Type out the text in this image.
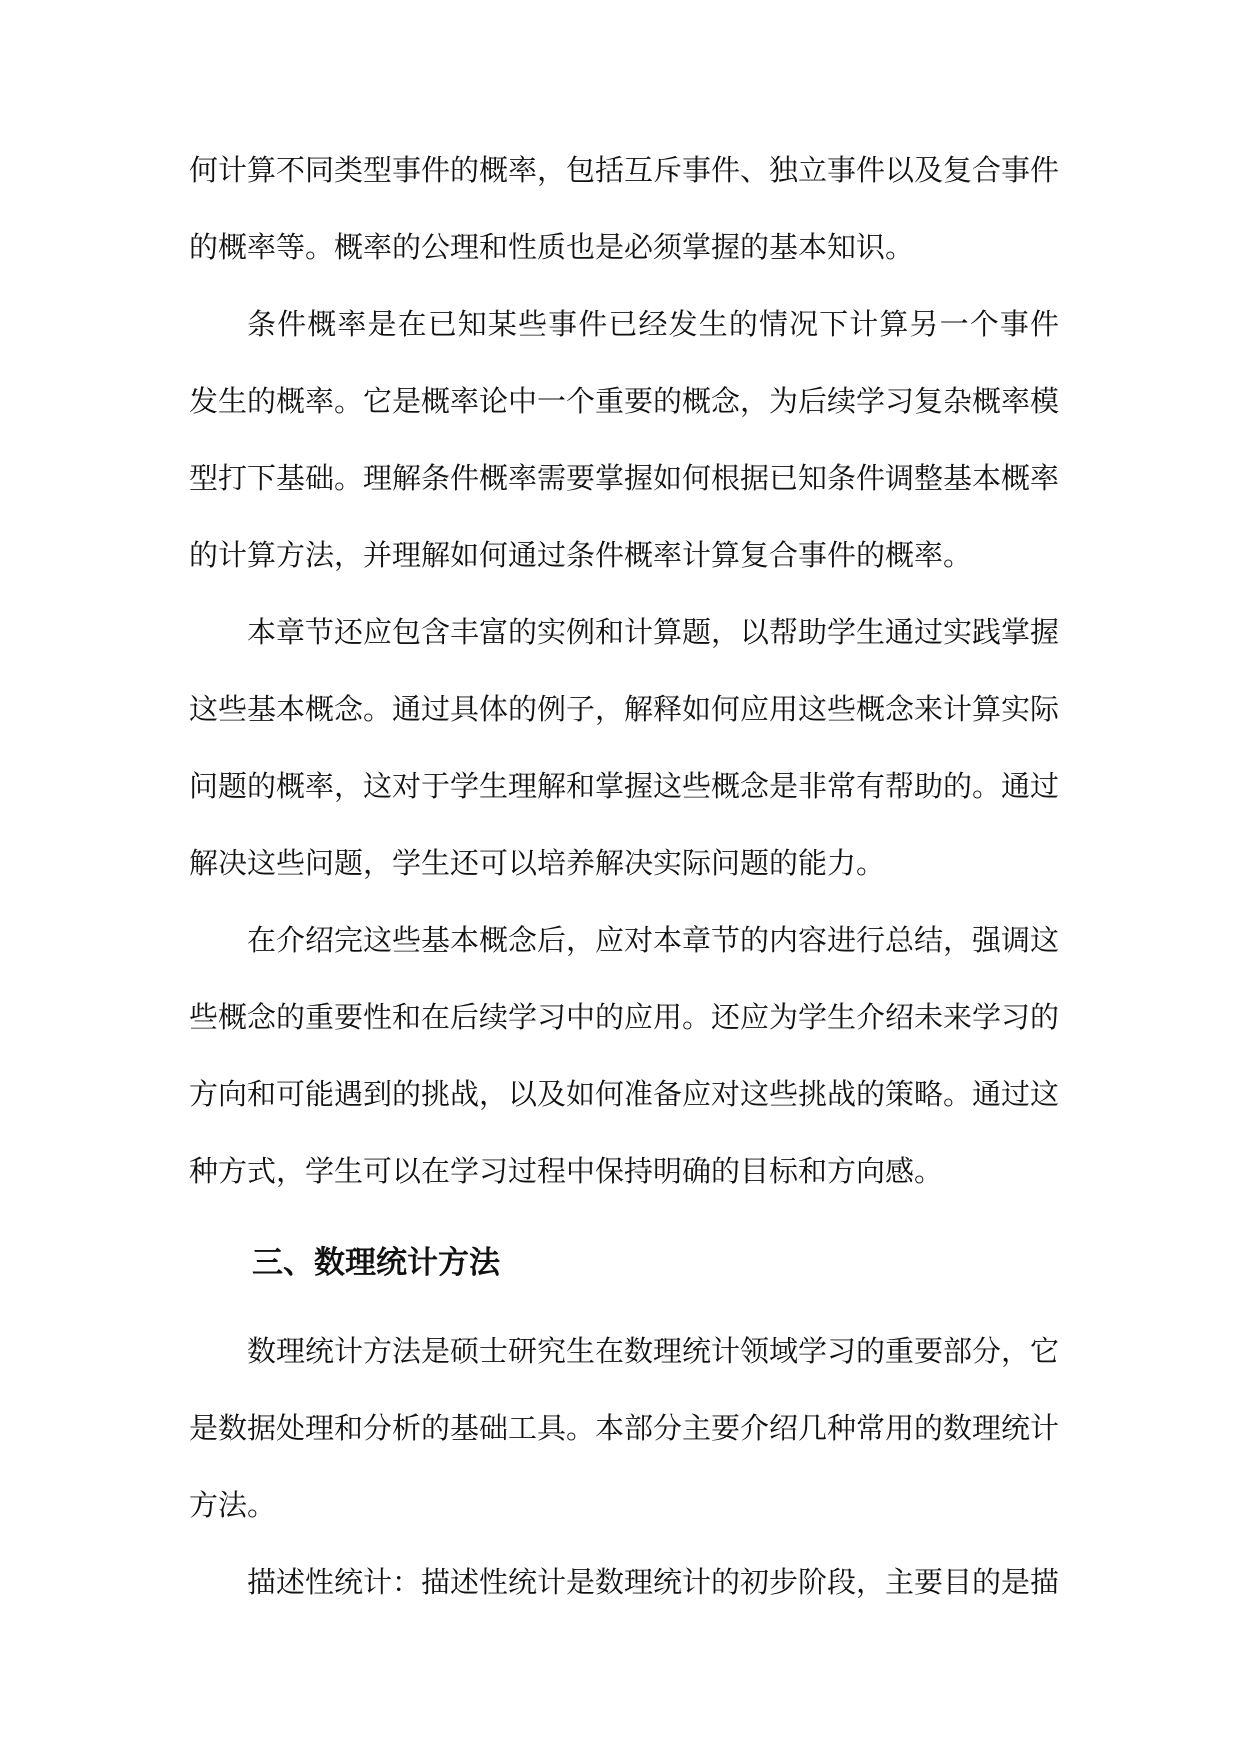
何计算不同类型事件的概率，包括互斥事件、独立事件以及复合事件
的概率等。概率的公理和性质也是必须掌握的基本知识。
条件概率是在已知某些事件已经发生的情况下计算另一个事件
发生的概率。它是概率论中一个重要的概念，为后续学习复杂概率模
型打下基础。理解条件概率需要掌握如何根据已知条件调整基本概率
的计算方法，并理解如何通过条件概率计算复合事件的概率。
本章节还应包含丰富的实例和计算题，以帮助学生通过实践掌握
这些基本概念。通过具体的例子，解释如何应用这些概念来计算实际
问题的概率，这对于学生理解和掌握这些概念是非常有帮助的。通过
解决这些问题，学生还可以培养解决实际问题的能力。
在介绍完这些基本概念后，应对本章节的内容进行总结，强调这
些概念的重要性和在后续学习中的应用。还应为学生介绍未来学习的
方向和可能遇到的挑战，以及如何准备应对这些挑战的策略。通过这
种方式，学生可以在学习过程中保持明确的目标和方向感。
三、数理统计方法
数理统计方法是硕士研究生在数理统计领域学习的重要部分，它
是数据处理和分析的基础工具。本部分主要介绍几种常用的数理统计
方法。
描述性统计：描述性统计是数理统计的初步阶段，主要目的是描
